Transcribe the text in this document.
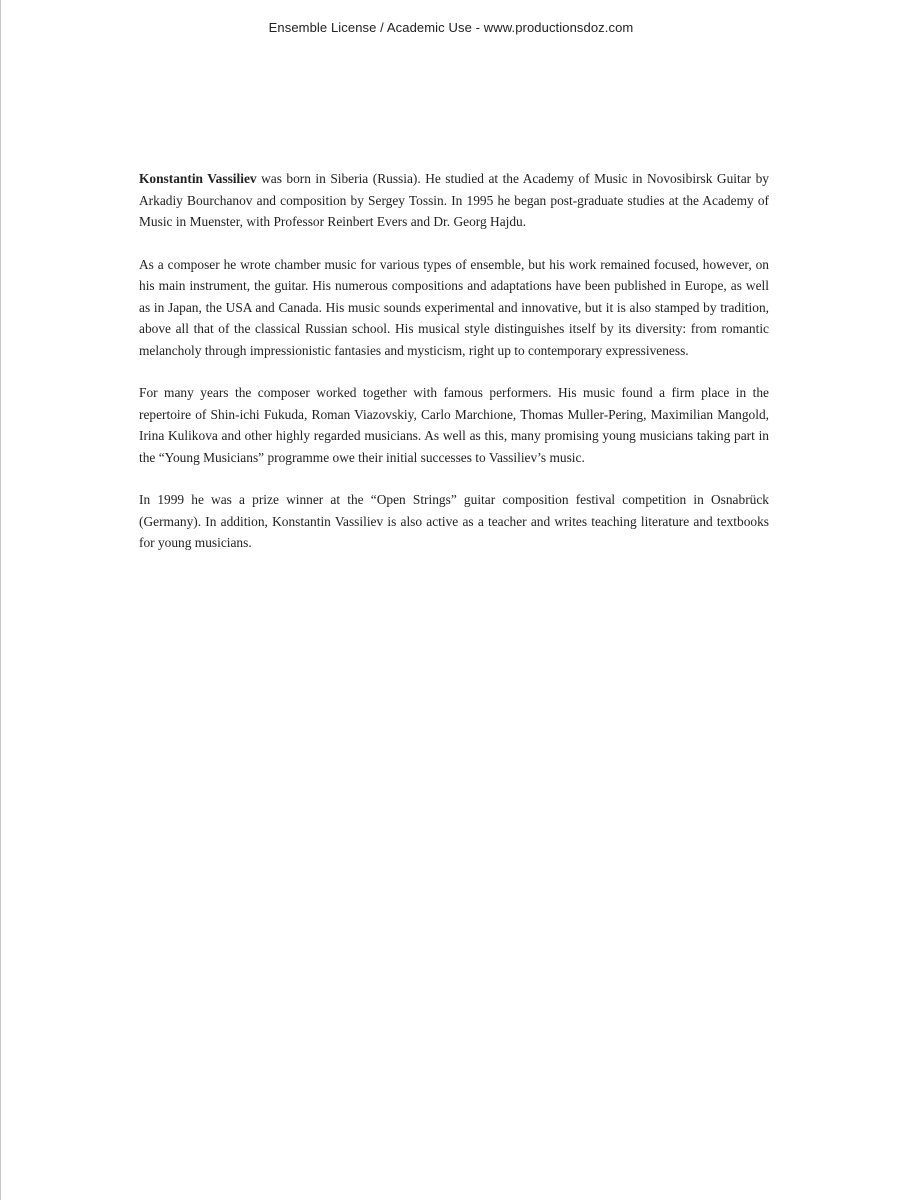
Ensemble License / Academic Use - www.productionsdoz.com

Konstantin Vassiliev was born in Siberia (Russia). He studied at the Academy of Music in Novosibirsk Guitar by Arkadiy Bourchanov and composition by Sergey Tossin. In 1995 he began post-graduate studies at the Academy of Music in Muenster, with Professor Reinbert Evers and Dr. Georg Hajdu.

As a composer he wrote chamber music for various types of ensemble, but his work remained focused, however, on his main instrument, the guitar. His numerous compositions and adaptations have been published in Europe, as well as in Japan, the USA and Canada. His music sounds experimental and innovative, but it is also stamped by tradition, above all that of the classical Russian school. His musical style distinguishes itself by its diversity: from romantic melancholy through impressionistic fantasies and mysticism, right up to contemporary expressiveness.

For many years the composer worked together with famous performers. His music found a firm place in the repertoire of Shin-ichi Fukuda, Roman Viazovskiy, Carlo Marchione, Thomas Muller-Pering, Maximilian Mangold, Irina Kulikova and other highly regarded musicians. As well as this, many promising young musicians taking part in the “Young Musicians” programme owe their initial successes to Vassiliev’s music.

In 1999 he was a prize winner at the “Open Strings” guitar composition festival competition in Osnabrück (Germany). In addition, Konstantin Vassiliev is also active as a teacher and writes teaching literature and textbooks for young musicians.
